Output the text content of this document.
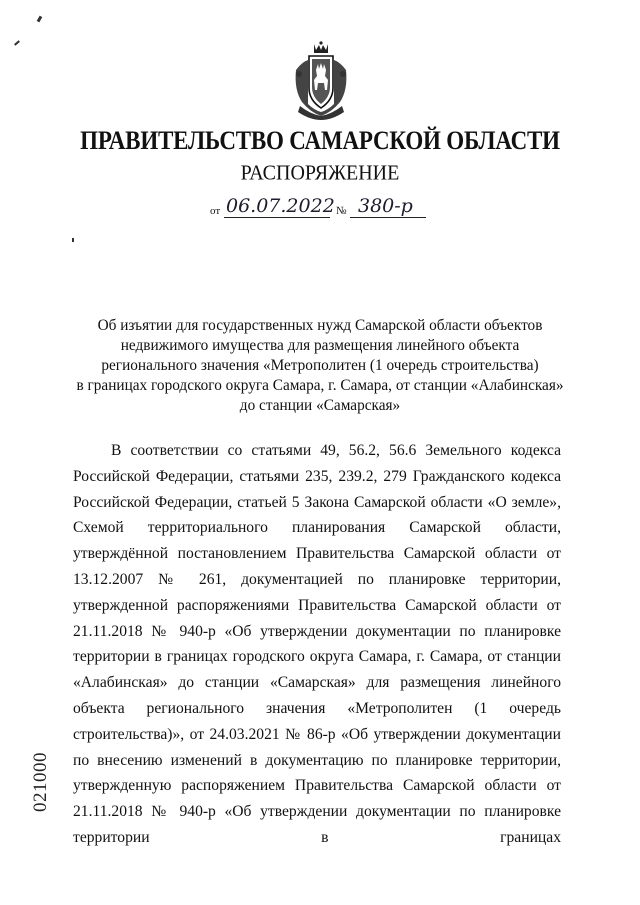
ПРАВИТЕЛЬСТВО САМАРСКОЙ ОБЛАСТИ
РАСПОРЯЖЕНИЕ
от 06.07.2022 № 380-р
Об изъятии для государственных нужд Самарской области объектов
недвижимого имущества для размещения линейного объекта
регионального значения «Метрополитен (1 очередь строительства)
в границах городского округа Самара, г. Самара, от станции «Алабинская»
до станции «Самарская»
В соответствии со статьями 49, 56.2, 56.6 Земельного кодекса Российской Федерации, статьями 235, 239.2, 279 Гражданского кодекса Российской Федерации, статьей 5 Закона Самарской области «О земле», Схемой территориального планирования Самарской области, утверждённой постановлением Правительства Самарской области от 13.12.2007 № 261, документацией по планировке территории, утвержденной распоряжениями Правительства Самарской области от 21.11.2018 № 940-р «Об утверждении документации по планировке территории в границах городского округа Самара, г. Самара, от станции «Алабинская» до станции «Самарская» для размещения линейного объекта регионального значения «Метрополитен (1 очередь строительства)», от 24.03.2021 № 86-р «Об утверждении документации по внесению изменений в документацию по планировке территории, утвержденную распоряжением Правительства Самарской области от 21.11.2018 № 940-р «Об утверждении документации по планировке территории в границах
021000
